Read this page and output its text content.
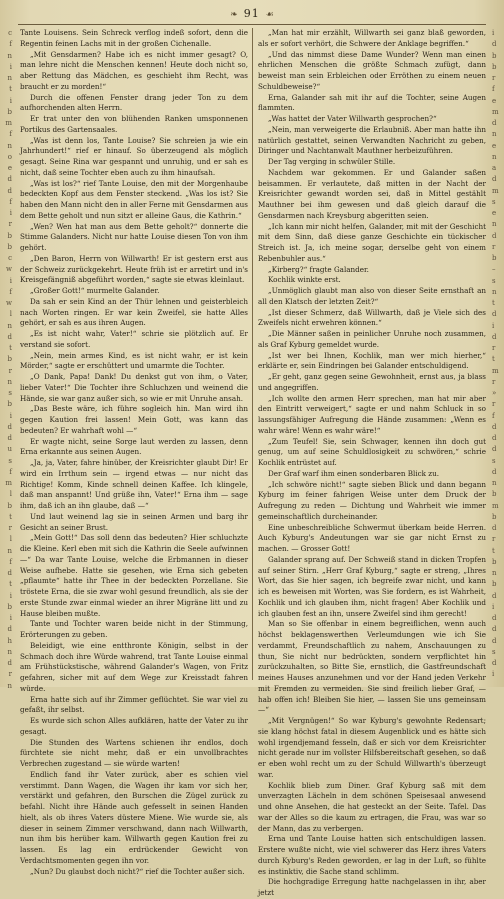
❧ 91 ☙
c
f
n
i
n
t
i
b
m
f
n
o
e
d
d
f
i
r
b
b
c
w
i
f
w
l
n
d
t
b
r
n
s
b
i
d
d
u
s
f
m
l
b
t
r
l
n
f
d
t
i
b
i
d
h
n
d
r
n
i
d
b
b
r
f
e
m
d
n
e
n
a
d
m
s
e
n
d
r
b
–
s
n
t
d
i
d
r
t
m
r
»
r
f
d
d
d
s
d
n
b
m
b
d
r
t
b
n
b
d
i
d
d
d
s
d
i

Tante Louisens. Sein Schreck verflog indeß sofort, denn die Regentin feinen Lachs mit in der großen Cichenalle.

„Mit Gensdarmen? Habe ich es nicht immer gesagt? O, man lehre nicht die Menschen kennen! Heute doch nicht so, aber Rettung das Mädchen, es geschieht ihm Recht, was braucht er zu morden!“

Durch die offenen Fenster drang jeder Ton zu dem aufhorchenden alten Herrn.

Er trat unter den von blühenden Ranken umsponnenen Portikus des Gartensaales.

„Was ist denn los, Tante Louise? Sie schreien ja wie ein Jahrhundert!“ rief er hinauf. So überzeugend als möglich gesagt. Seine Rina war gespannt und unruhig, und er sah es nicht, daß seine Tochter eben auch zu ihm hinaufsah.

„Was ist los?“ rief Tante Louise, den mit der Morgenhaube bedeckten Kopf aus dem Fenster steckend. „Was los ist? Sie haben den Mann nicht den in aller Ferne mit Gensdarmen aus dem Bette geholt und nun sitzt er alleine Gaus, die Kathrin.“

„Wen? Wen hat man aus dem Bette geholt?“ donnerte die Stimme Galanders. Nicht nur hatte Louise diesen Ton von ihm gehört.

„Den Baron, Herrn von Willwarth! Er ist gestern erst aus der Schweiz zurückgekehrt. Heute früh ist er arretirt und in's Kreisgefängniß abgeführt worden,“ sagte sie etwas kleinlaut.

„Großer Gott!“ murmelte Galander.

Da sah er sein Kind an der Thür lehnen und geisterbleich nach Worten ringen. Er war kein Zweifel, sie hatte Alles gehört, er sah es aus ihren Augen.

„Es ist nicht wahr, Vater!“ schrie sie plötzlich auf. Er verstand sie sofort.

„Nein, mein armes Kind, es ist nicht wahr, er ist kein Mörder,“ sagte er erschüttert und umarmte die Tochter.

„O Dank, Papa! Dank! Du denkst gut von ihm, o Vater, lieber Vater!“ Die Tochter ihre Schluchzen und weinend die Hände, sie war ganz außer sich, so wie er mit Unruhe ansah.

„Das Beste wäre, ich führe sogleich hin. Man wird ihn gegen Kaution frei lassen! Mein Gott, was kann das bedeuten? Er wahrhaft wohl —“

Er wagte nicht, seine Sorge laut werden zu lassen, denn Erna erkannte aus seinen Augen.

„Ja, ja, Vater, fahre hinüber, der Kreisrichter glaubt Dir! Er wird ein Irrthum sein — irgend etwas — nur nicht das Richtige! Komm, Kinde schnell deinen Kaffee. Ich klingele, daß man anspannt! Und grüße ihn, Vater!“ Erna ihm — sage ihm, daß ich an ihn glaube, daß —“

Und laut weinend lag sie in seinen Armen und barg ihr Gesicht an seiner Brust.

„Mein Gott!“ Das soll denn das bedeuten? Hier schluchzte die Kleine. Kerl eben mit sich die Kathrin die Seele aufwinnen —“ Da war Tante Louise, welche die Erbmannen in dieser Weise aufhebe. Hatte sie gesehen, wie Erna sich gebeten „pflaumte“ hatte ihr Thee in der bedeckten Porzellane. Sie tröstete Erna, die sie zwar wohl gesund freundlich, als sie der erste Stunde zwar einmal wieder an ihrer Migräne litt und zu Hause bleiben mußte.

Tante und Tochter waren beide nicht in der Stimmung, Erörterungen zu geben.

Beleidigt, wie eine entthronte Königin, selbst in der Schmach doch ihre Würde wahrend, trat Tante Louise einmal am Frühstückstische, während Galander's Wagen, von Fritz gefahren, sicher mit auf dem Wege zur Kreisstadt fahren würde.

Erna hatte sich auf ihr Zimmer geflüchtet. Sie war viel zu gefaßt, ihr selbst.

Es wurde sich schon Alles aufklären, hatte der Vater zu ihr gesagt.

Die Stunden des Wartens schienen ihr endlos, doch fürchtete sie nicht mehr, daß er ein unvollbrachtes Verbrechen zugestand — sie würde warten!

Endlich fand ihr Vater zurück, aber es schien viel verstimmt. Dann Wagen, die Wagen ihr kam vor sich her, verstärkt und gefahren, den Burschen die Zügel zurück zu befahl. Nicht ihre Hände auch gefesselt in seinen Handen hielt, als ob ihres Vaters düstere Miene. Wie wurde sie, als dieser in seinem Zimmer verschwand, dann nach Willwarth, nun ihm bis herüber kam. Willwarth gegen Kaution frei zu lassen. Es lag ein erdrückender Gewicht von Verdachtsmomenten gegen ihn vor.

„Nun? Du glaubst doch nicht?“ rief die Tochter außer sich.

„Man hat mir erzählt, Willwarth sei ganz blaß geworden, als er sofort verhört, die Schwere der Anklage begriffen.“

„Und das nimmst diese Dame Wunder? Wenn man einen ehrlichen Menschen die größte Schmach zufügt, dann beweist man sein Erbleichen oder Erröthen zu einem neuen Schuldbeweise?“

Erna, Galander sah mit ihr auf die Tochter, seine Augen flammten.

„Was hattet der Vater Willwarth gesprochen?“

„Nein, man verweigerte die Erlaubniß. Aber man hatte ihn natürlich gestattet, seinen Verwandten Nachricht zu geben, Diringer und Nachtanwalt Mauthner herbeizuführen.

Der Tag verging in schwüler Stille.

Nachdem war gekommen. Er und Galander saßen beisammen. Er verlautete, daß mitten in der Nacht der Kreisrichter gewandt worden sei, daß in Mittel gestählt Mauthner bei ihm gewesen und daß gleich darauf die Gensdarmen nach Kreysburg abgeritten seien.

„Ich kann mir nicht helfen, Galander, mit mit der Geschicht mit dem Sinn, daß diese ganze Geschichte ein tückischer Streich ist. Ja, ich meine sogar, derselbe geht von einem Rebenbuhler aus.“

„Kirberg?“ fragte Galander.

Kochlik winkte erst.

„Unmöglich glaubt man also von dieser Seite ernsthaft an all den Klatsch der letzten Zeit?“

„Ist dieser Schmerz, daß Willwarth, daß je Viele sich des Zweifels nicht erwehren können.“

„Die Männer saßen in peinlicher Unruhe noch zusammen, als Graf Kyburg gemeldet wurde.

„Ist wer bei Ihnen, Kochlik, man wer mich hierher,“ erklärte er, sein Eindringen bei Galander entschuldigend.

„Er geht, ganz gegen seine Gewohnheit, ernst aus, ja blass und angegriffen.

„Ich wollte den armen Herr sprechen, man hat mir aber den Eintritt verweigert,“ sagte er und nahm Schluck in so lassungsfähiger Aufregung die Hände zusammen: „Wenn es wahr wäre! Wenn es wahr wäre!“

„Zum Teufel! Sie, sein Schwager, kennen ihn doch gut genug, um auf seine Schuldlosigkeit zu schwören,“ schrie Kochlik entrüstet auf.

Der Graf warf ihm einen sonderbaren Blick zu.

„Ich schwöre nicht!“ sagte sieben Blick und dann begann Kyburg im feiner fahrigen Weise unter dem Druck der Aufregung zu reden — Dichtung und Wahrheit wie immer gemeinschaftlich durcheinander.

Eine unbeschreibliche Schwermut überkam beide Herren. Auch Kyburg's Andeutungen war sie gar nicht Ernst zu machen. — Grosser Gott!

Galander sprang auf. Der Schweiß stand in dicken Tropfen auf seiner Stirn. „Herr Graf Kyburg,“ sagte er streng, „Ihres Wort, das Sie hier sagen, ich begreife zwar nicht, und kann ich es beweisen mit Worten, was Sie fordern, es ist Wahrheit, Kochlik und ich glauben ihm, nicht fragen! Aber Kochlik und ich glauben fest an ihn, unsere Zweifel sind ihm gerecht!

Man so Sie offenbar in einem begreiflichen, wenn auch höchst beklagenswerthen Verleumdungen wie ich Sie verdammt, Freundschaftlich zu nahem, Anschauungen zu thun, Sie nicht nur bedrückten, sondern verpflichtet hin zurückzuhalten, so Bitte Sie, ernstlich, die Gastfreundschaft meines Hauses anzunehmen und vor der Hand jeden Verkehr mit Fremden zu vermeiden. Sie sind freilich lieber Graf, — hab offen ich! Bleiben Sie hier, — lassen Sie uns gemeinsam —“

„Mit Vergnügen!“ So war Kyburg's gewohnte Redensart; sie klang höchst fatal in diesem Augenblick und es hätte sich wohl irgendjemand fesseln, daß er sich vor dem Kreisrichter nicht gerade nur im vollster Hilfsbereitschaft gesehen, so daß er eben wohl recht um zu der Schuld Willwarth's überzeugt war.

Kochlik blieb zum Diner. Graf Kyburg saß mit dem unverzagten Lächeln in dem schönen Speisesaal anwesend und ohne Ansehen, die hat gesteckt an der Seite. Tafel. Das war der Alles so die kaum zu ertragen, die Frau, was war so der Mann, das zu verbergen.

Erna und Tante Louise hatten sich entschuldigen lassen. Erstere wußte nicht, wie viel schwerer das Herz ihres Vaters durch Kyburg's Reden geworden, er lag in der Luft, so fühlte es instinktiv, die Sache stand schlimm.

Die hochgradige Erregung hatte nachgelassen in ihr, aber jetzt
